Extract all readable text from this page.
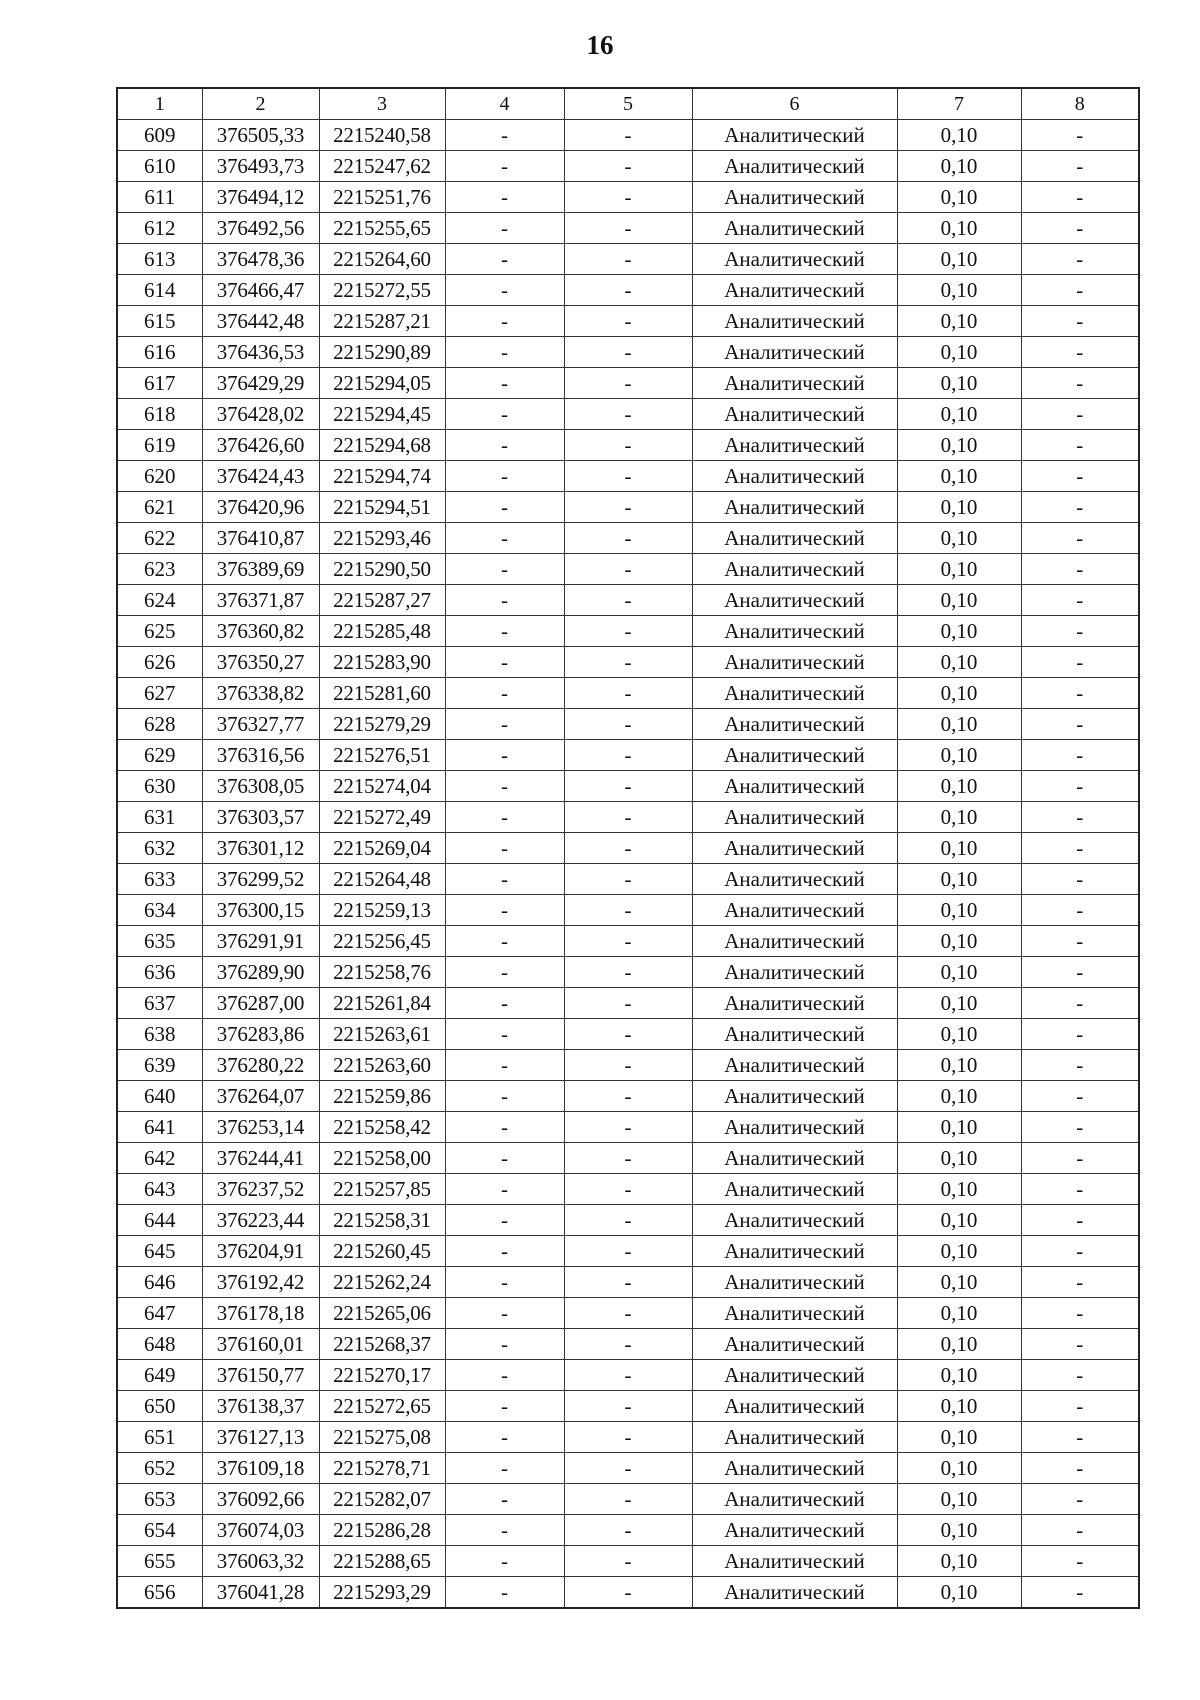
16
1	2	3	4	5	6	7	8
609	376505,33	2215240,58	-	-	Аналитический	0,10	-
610	376493,73	2215247,62	-	-	Аналитический	0,10	-
611	376494,12	2215251,76	-	-	Аналитический	0,10	-
612	376492,56	2215255,65	-	-	Аналитический	0,10	-
613	376478,36	2215264,60	-	-	Аналитический	0,10	-
614	376466,47	2215272,55	-	-	Аналитический	0,10	-
615	376442,48	2215287,21	-	-	Аналитический	0,10	-
616	376436,53	2215290,89	-	-	Аналитический	0,10	-
617	376429,29	2215294,05	-	-	Аналитический	0,10	-
618	376428,02	2215294,45	-	-	Аналитический	0,10	-
619	376426,60	2215294,68	-	-	Аналитический	0,10	-
620	376424,43	2215294,74	-	-	Аналитический	0,10	-
621	376420,96	2215294,51	-	-	Аналитический	0,10	-
622	376410,87	2215293,46	-	-	Аналитический	0,10	-
623	376389,69	2215290,50	-	-	Аналитический	0,10	-
624	376371,87	2215287,27	-	-	Аналитический	0,10	-
625	376360,82	2215285,48	-	-	Аналитический	0,10	-
626	376350,27	2215283,90	-	-	Аналитический	0,10	-
627	376338,82	2215281,60	-	-	Аналитический	0,10	-
628	376327,77	2215279,29	-	-	Аналитический	0,10	-
629	376316,56	2215276,51	-	-	Аналитический	0,10	-
630	376308,05	2215274,04	-	-	Аналитический	0,10	-
631	376303,57	2215272,49	-	-	Аналитический	0,10	-
632	376301,12	2215269,04	-	-	Аналитический	0,10	-
633	376299,52	2215264,48	-	-	Аналитический	0,10	-
634	376300,15	2215259,13	-	-	Аналитический	0,10	-
635	376291,91	2215256,45	-	-	Аналитический	0,10	-
636	376289,90	2215258,76	-	-	Аналитический	0,10	-
637	376287,00	2215261,84	-	-	Аналитический	0,10	-
638	376283,86	2215263,61	-	-	Аналитический	0,10	-
639	376280,22	2215263,60	-	-	Аналитический	0,10	-
640	376264,07	2215259,86	-	-	Аналитический	0,10	-
641	376253,14	2215258,42	-	-	Аналитический	0,10	-
642	376244,41	2215258,00	-	-	Аналитический	0,10	-
643	376237,52	2215257,85	-	-	Аналитический	0,10	-
644	376223,44	2215258,31	-	-	Аналитический	0,10	-
645	376204,91	2215260,45	-	-	Аналитический	0,10	-
646	376192,42	2215262,24	-	-	Аналитический	0,10	-
647	376178,18	2215265,06	-	-	Аналитический	0,10	-
648	376160,01	2215268,37	-	-	Аналитический	0,10	-
649	376150,77	2215270,17	-	-	Аналитический	0,10	-
650	376138,37	2215272,65	-	-	Аналитический	0,10	-
651	376127,13	2215275,08	-	-	Аналитический	0,10	-
652	376109,18	2215278,71	-	-	Аналитический	0,10	-
653	376092,66	2215282,07	-	-	Аналитический	0,10	-
654	376074,03	2215286,28	-	-	Аналитический	0,10	-
655	376063,32	2215288,65	-	-	Аналитический	0,10	-
656	376041,28	2215293,29	-	-	Аналитический	0,10	-
